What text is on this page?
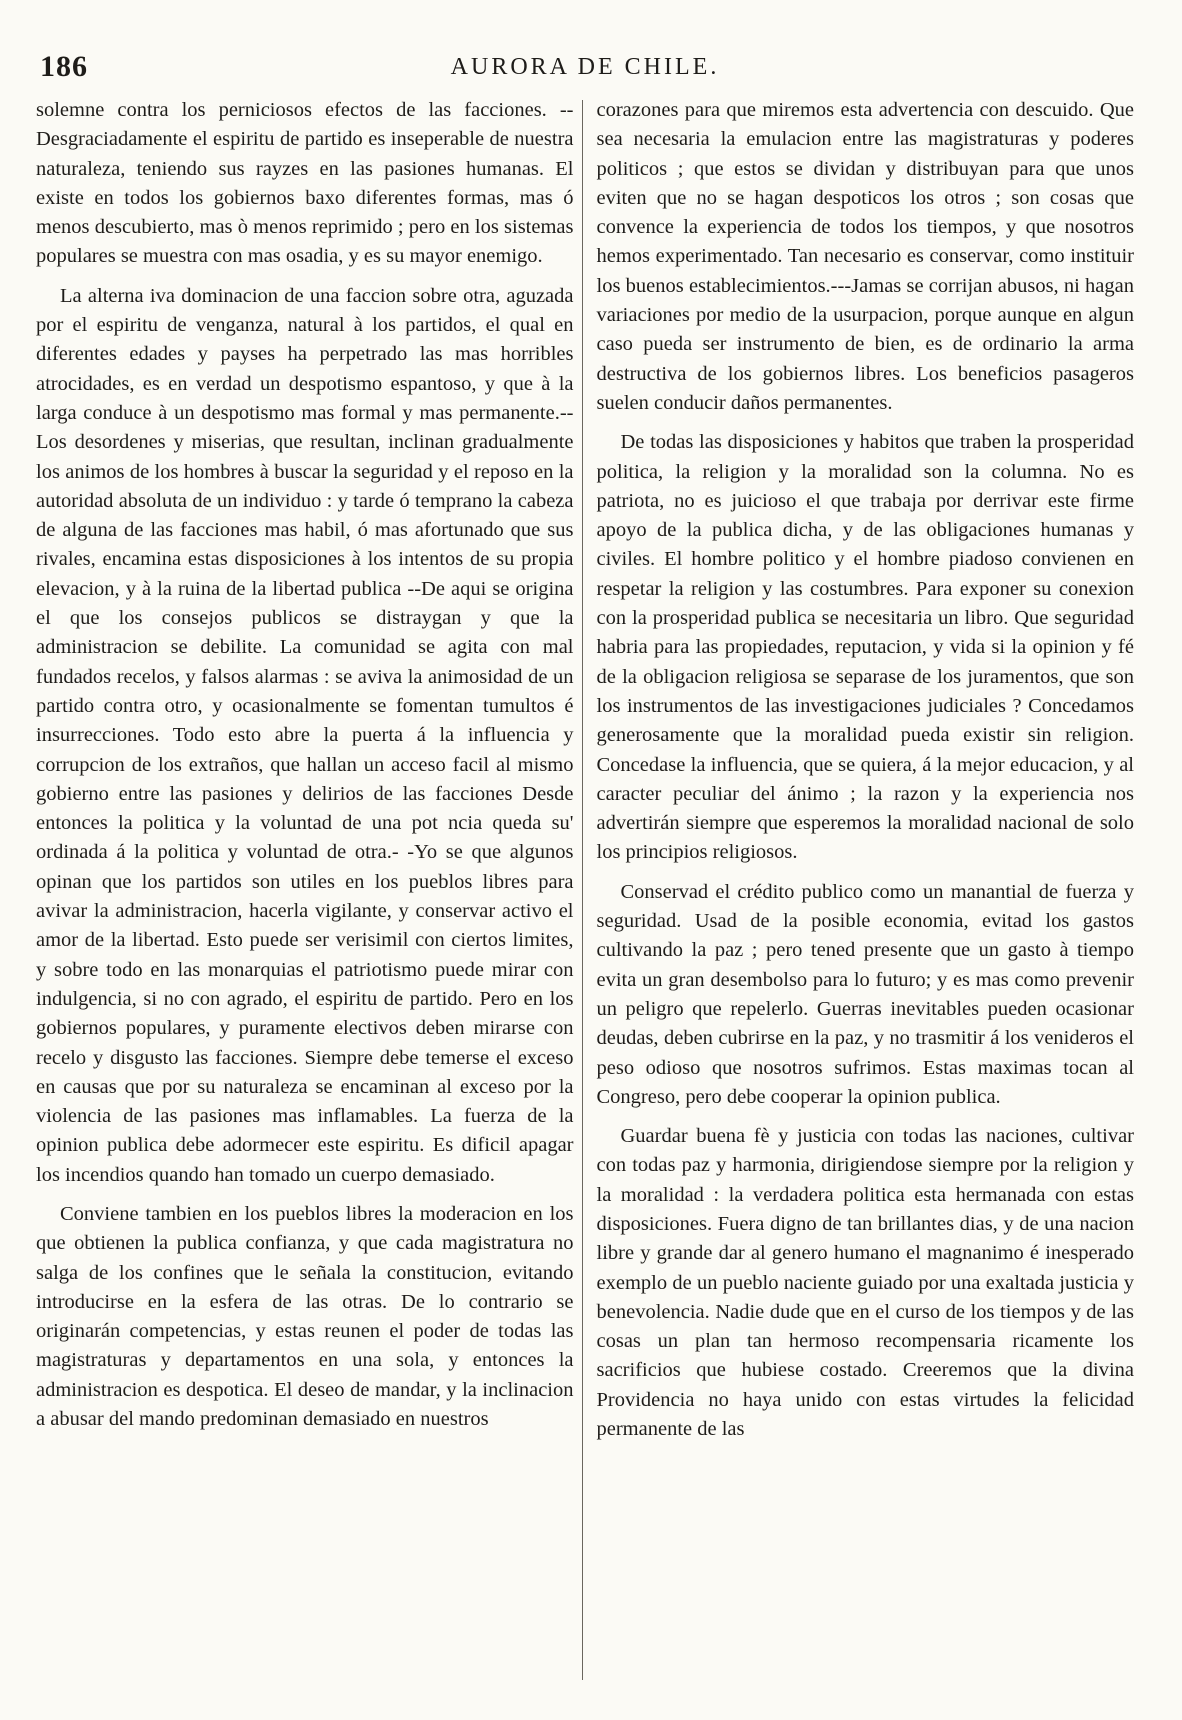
186	AURORA DE CHILE.

solemne contra los perniciosos efectos de las facciones. -- Desgraciadamente el espiritu de partido es inseperable de nuestra naturaleza, teniendo sus rayzes en las pasiones humanas. El existe en todos los gobiernos baxo diferentes formas, mas ó menos descubierto, mas ò menos reprimido ; pero en los sistemas populares se muestra con mas osadia, y es su mayor enemigo.

La alterna iva dominacion de una faccion sobre otra, aguzada por el espiritu de venganza, natural à los partidos, el qual en diferentes edades y payses ha perpetrado las mas horribles atrocidades, es en verdad un despotismo espantoso, y que à la larga conduce à un despotismo mas formal y mas permanente.--Los desordenes y miserias, que resultan, inclinan gradualmente los animos de los hombres à buscar la seguridad y el reposo en la autoridad absoluta de un individuo : y tarde ó temprano la cabeza de alguna de las facciones mas habil, ó mas afortunado que sus rivales, encamina estas disposiciones à los intentos de su propia elevacion, y à la ruina de la libertad publica --De aqui se origina el que los consejos publicos se distraygan y que la administracion se debilite. La comunidad se agita con mal fundados recelos, y falsos alarmas : se aviva la animosidad de un partido contra otro, y ocasionalmente se fomentan tumultos é insurrecciones. Todo esto abre la puerta á la influencia y corrupcion de los extraños, que hallan un acceso facil al mismo gobierno entre las pasiones y delirios de las facciones Desde entonces la politica y la voluntad de una pot ncia queda su' ordinada á la politica y voluntad de otra.- -Yo se que algunos opinan que los partidos son utiles en los pueblos libres para avivar la administracion, hacerla vigilante, y conservar activo el amor de la libertad. Esto puede ser verisimil con ciertos limites, y sobre todo en las monarquias el patriotismo puede mirar con indulgencia, si no con agrado, el espiritu de partido. Pero en los gobiernos populares, y puramente electivos deben mirarse con recelo y disgusto las facciones. Siempre debe temerse el exceso en causas que por su naturaleza se encaminan al exceso por la violencia de las pasiones mas inflamables. La fuerza de la opinion publica debe adormecer este espiritu. Es dificil apagar los incendios quando han tomado un cuerpo demasiado.

Conviene tambien en los pueblos libres la moderacion en los que obtienen la publica confianza, y que cada magistratura no salga de los confines que le señala la constitucion, evitando introducirse en la esfera de las otras. De lo contrario se originarán competencias, y estas reunen el poder de todas las magistraturas y departamentos en una sola, y entonces la administracion es despotica. El deseo de mandar, y la inclinacion a abusar del mando predominan demasiado en nuestros

corazones para que miremos esta advertencia con descuido. Que sea necesaria la emulacion entre las magistraturas y poderes politicos ; que estos se dividan y distribuyan para que unos eviten que no se hagan despoticos los otros ; son cosas que convence la experiencia de todos los tiempos, y que nosotros hemos experimentado. Tan necesario es conservar, como instituir los buenos establecimientos.---Jamas se corrijan abusos, ni hagan variaciones por medio de la usurpacion, porque aunque en algun caso pueda ser instrumento de bien, es de ordinario la arma destructiva de los gobiernos libres. Los beneficios pasageros suelen conducir daños permanentes.

De todas las disposiciones y habitos que traben la prosperidad politica, la religion y la moralidad son la columna. No es patriota, no es juicioso el que trabaja por derrivar este firme apoyo de la publica dicha, y de las obligaciones humanas y civiles. El hombre politico y el hombre piadoso convienen en respetar la religion y las costumbres. Para exponer su conexion con la prosperidad publica se necesitaria un libro. Que seguridad habria para las propiedades, reputacion, y vida si la opinion y fé de la obligacion religiosa se separase de los juramentos, que son los instrumentos de las investigaciones judiciales ? Concedamos generosamente que la moralidad pueda existir sin religion. Concedase la influencia, que se quiera, á la mejor educacion, y al caracter peculiar del ánimo ; la razon y la experiencia nos advertirán siempre que esperemos la moralidad nacional de solo los principios religiosos.

Conservad el crédito publico como un manantial de fuerza y seguridad. Usad de la posible economia, evitad los gastos cultivando la paz ; pero tened presente que un gasto à tiempo evita un gran desembolso para lo futuro; y es mas como prevenir un peligro que repelerlo. Guerras inevitables pueden ocasionar deudas, deben cubrirse en la paz, y no trasmitir á los venideros el peso odioso que nosotros sufrimos. Estas maximas tocan al Congreso, pero debe cooperar la opinion publica.

Guardar buena fè y justicia con todas las naciones, cultivar con todas paz y harmonia, dirigiendose siempre por la religion y la moralidad : la verdadera politica esta hermanada con estas disposiciones. Fuera digno de tan brillantes dias, y de una nacion libre y grande dar al genero humano el magnanimo é inesperado exemplo de un pueblo naciente guiado por una exaltada justicia y benevolencia. Nadie dude que en el curso de los tiempos y de las cosas un plan tan hermoso recompensaria ricamente los sacrificios que hubiese costado. Creeremos que la divina Providencia no haya unido con estas virtudes la felicidad permanente de las
